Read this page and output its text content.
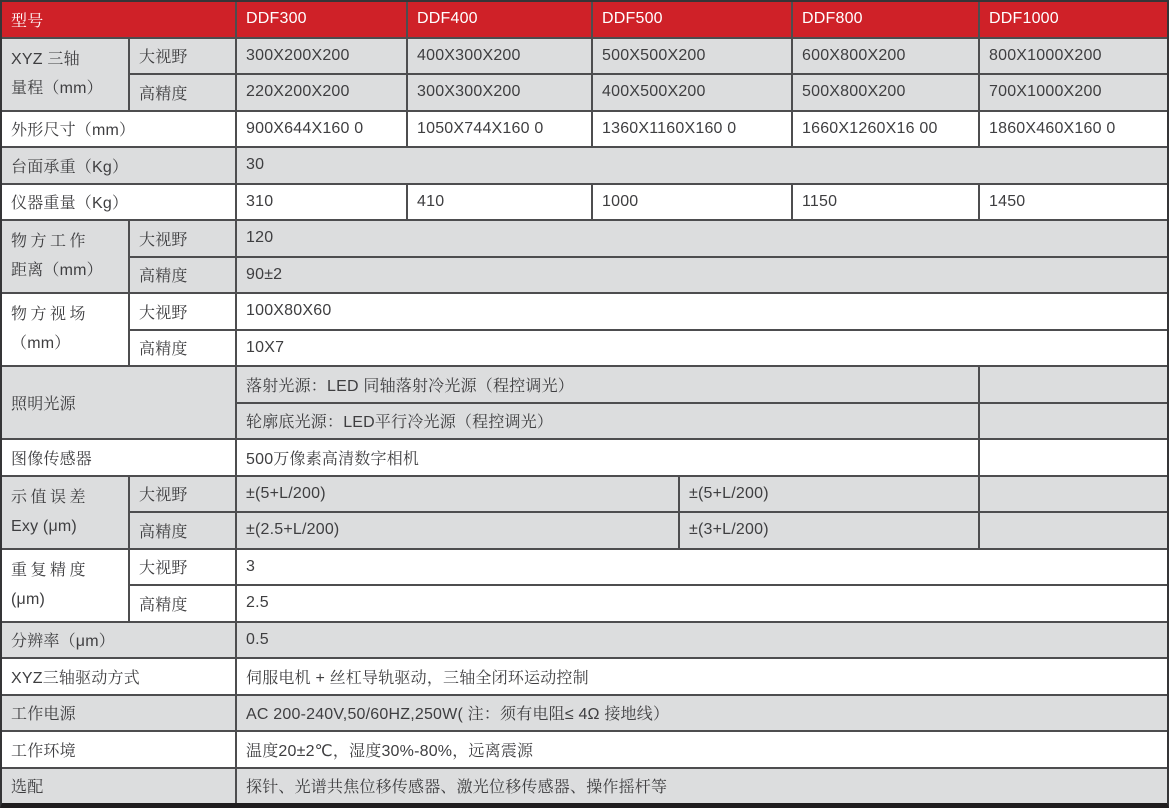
型号	DDF300	DDF400	DDF500	DDF800	DDF1000
XYZ 三轴
量程（mm）
大视野	300X200X200	400X300X200	500X500X200	600X800X200	800X1000X200
高精度	220X200X200	300X300X200	400X500X200	500X800X200	700X1000X200
外形尺寸（mm）	900X644X160 0	1050X744X160 0	1360X1160X160 0	1660X1260X16 00	1860X460X160 0
台面承重（Kg）	30
仪器重量（Kg）	310	410	1000	1150	1450
物方工作
距离（mm）
大视野	120
高精度	90±2
物方视场
（mm）
大视野	100X80X60
高精度	10X7
照明光源
落射光源：LED 同轴落射冷光源（程控调光）
轮廓底光源：LED平行冷光源（程控调光）
图像传感器	500万像素高清数字相机
示值误差
Exy (μm)
大视野	±(5+L/200)	±(5+L/200)
高精度	±(2.5+L/200)	±(3+L/200)
重复精度
(μm)
大视野	3
高精度	2.5
分辨率（μm）	0.5
XYZ三轴驱动方式	伺服电机 + 丝杠导轨驱动，三轴全闭环运动控制
工作电源	AC 200-240V,50/60HZ,250W( 注：须有电阻≤ 4Ω 接地线）
工作环境	温度20±2℃，湿度30%-80%，远离震源
选配	探针、光谱共焦位移传感器、激光位移传感器、操作摇杆等
